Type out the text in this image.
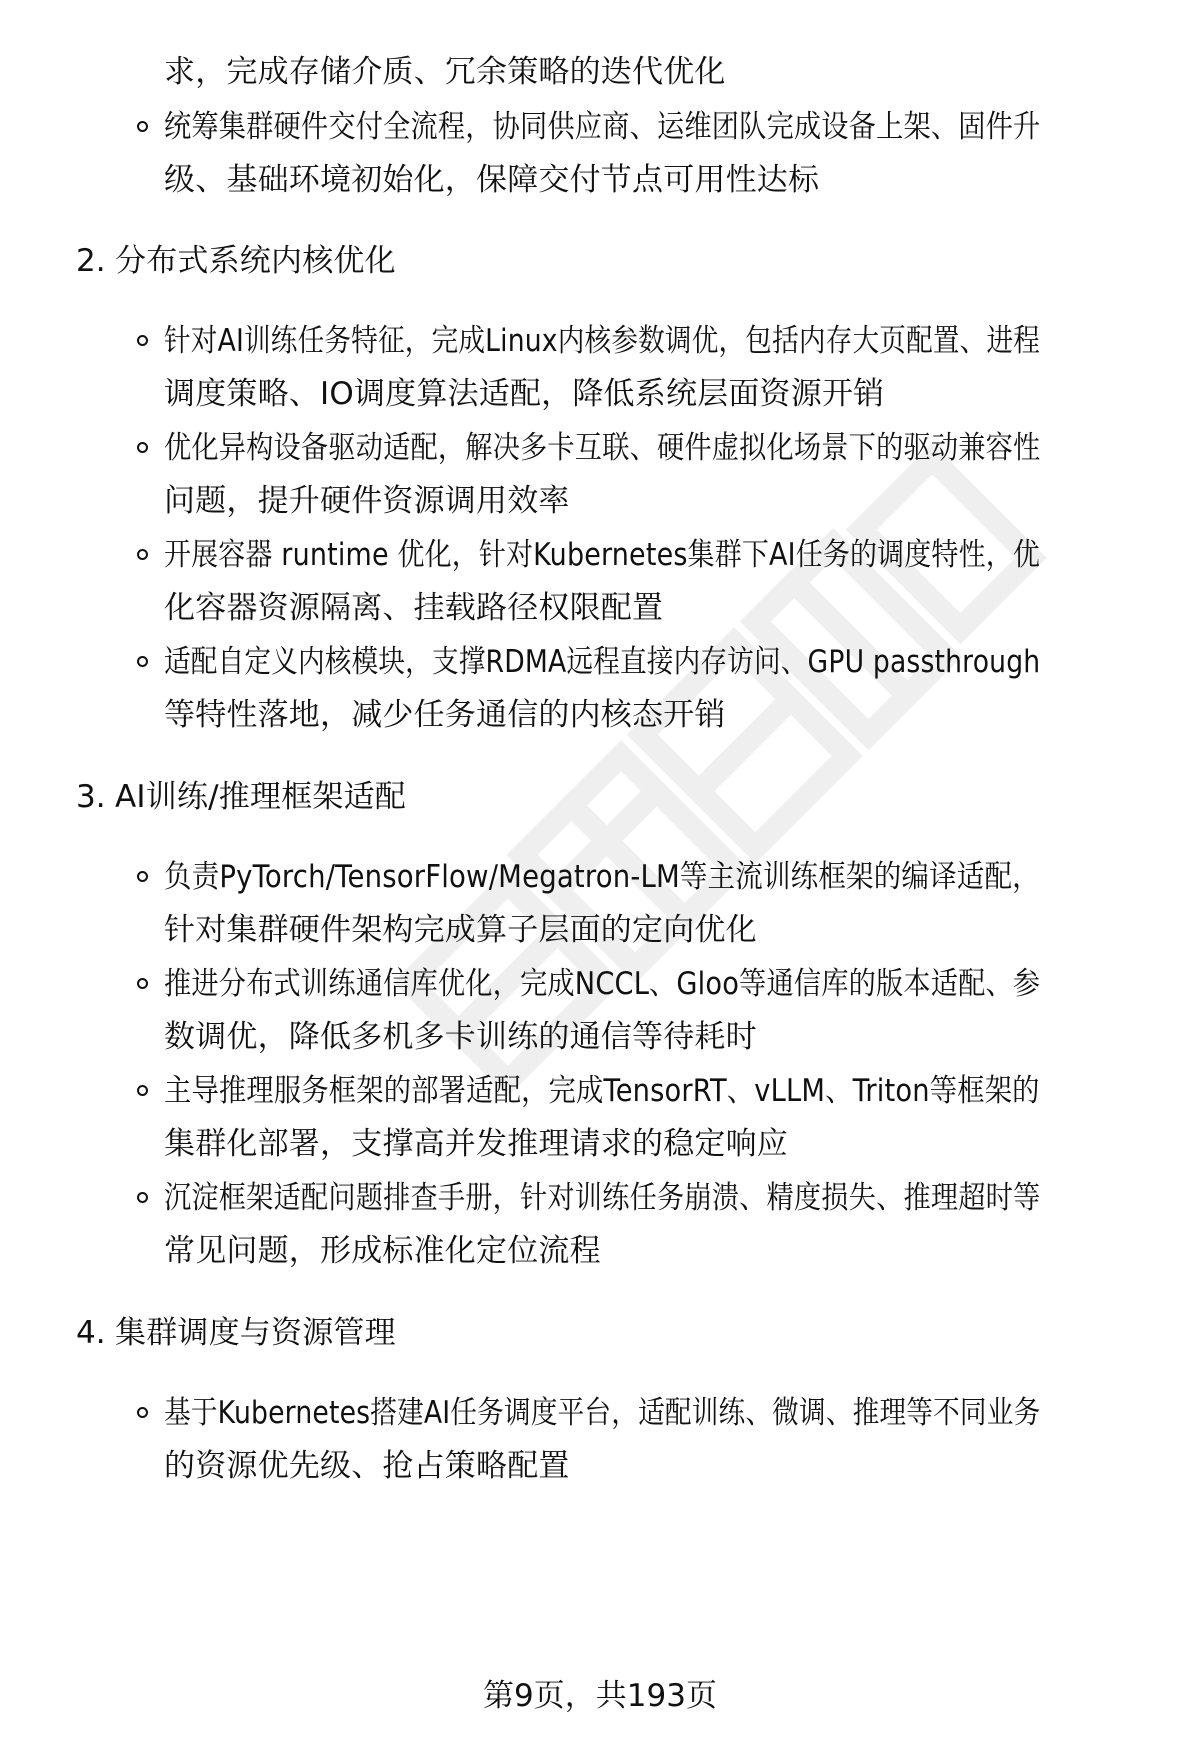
求，完成存储介质、冗余策略的迭代优化
统筹集群硬件交付全流程，协同供应商、运维团队完成设备上架、固件升
级、基础环境初始化，保障交付节点可用性达标
2. 分布式系统内核优化
针对AI训练任务特征，完成Linux内核参数调优，包括内存大页配置、进程
调度策略、IO调度算法适配，降低系统层面资源开销
优化异构设备驱动适配，解决多卡互联、硬件虚拟化场景下的驱动兼容性
问题，提升硬件资源调用效率
开展容器 runtime 优化，针对Kubernetes集群下AI任务的调度特性，优
化容器资源隔离、挂载路径权限配置
适配自定义内核模块，支撑RDMA远程直接内存访问、GPU passthrough
等特性落地，减少任务通信的内核态开销
3. AI训练/推理框架适配
负责PyTorch/TensorFlow/Megatron-LM等主流训练框架的编译适配，
针对集群硬件架构完成算子层面的定向优化
推进分布式训练通信库优化，完成NCCL、Gloo等通信库的版本适配、参
数调优，降低多机多卡训练的通信等待耗时
主导推理服务框架的部署适配，完成TensorRT、vLLM、Triton等框架的
集群化部署，支撑高并发推理请求的稳定响应
沉淀框架适配问题排查手册，针对训练任务崩溃、精度损失、推理超时等
常见问题，形成标准化定位流程
4. 集群调度与资源管理
基于Kubernetes搭建AI任务调度平台，适配训练、微调、推理等不同业务
的资源优先级、抢占策略配置
第9页，共193页
